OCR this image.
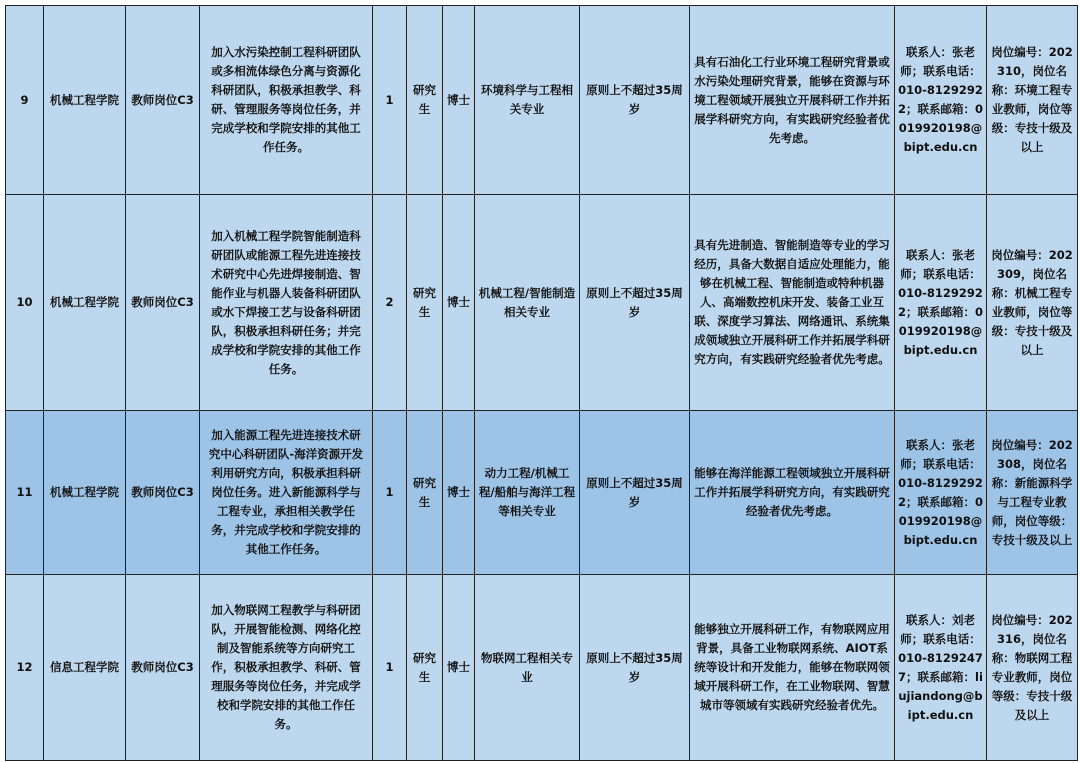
9	机械工程学院	教师岗位C3	加入水污染控制工程科研团队或多相流体绿色分离与资源化科研团队，积极承担教学、科研、管理服务等岗位任务，并完成学校和学院安排的其他工作任务。	1	研究生	博士	环境科学与工程相关专业	原则上不超过35周岁	具有石油化工行业环境工程研究背景或水污染处理研究背景，能够在资源与环境工程领域开展独立开展科研工作并拓展学科研究方向，有实践研究经验者优先考虑。	联系人：张老师；联系电话：010-81292922；联系邮箱：0019920198@bipt.edu.cn	岗位编号：202310，岗位名称：环境工程专业教师，岗位等级：专技十级及以上
10	机械工程学院	教师岗位C3	加入机械工程学院智能制造科研团队或能源工程先进连接技术研究中心先进焊接制造、智能作业与机器人装备科研团队或水下焊接工艺与设备科研团队，积极承担科研任务；并完成学校和学院安排的其他工作任务。	2	研究生	博士	机械工程/智能制造相关专业	原则上不超过35周岁	具有先进制造、智能制造等专业的学习经历，具备大数据自适应处理能力，能够在机械工程、智能制造或特种机器人、高端数控机床开发、装备工业互联、深度学习算法、网络通讯、系统集成领域独立开展科研工作并拓展学科研究方向，有实践研究经验者优先考虑。	联系人：张老师；联系电话：010-81292922；联系邮箱：0019920198@bipt.edu.cn	岗位编号：202309，岗位名称：机械工程专业教师，岗位等级：专技十级及以上
11	机械工程学院	教师岗位C3	加入能源工程先进连接技术研究中心科研团队-海洋资源开发利用研究方向，积极承担科研岗位任务。进入新能源科学与工程专业，承担相关教学任务，并完成学校和学院安排的其他工作任务。	1	研究生	博士	动力工程/机械工程/船舶与海洋工程等相关专业	原则上不超过35周岁	能够在海洋能源工程领域独立开展科研工作并拓展学科研究方向，有实践研究经验者优先考虑。	联系人：张老师；联系电话：010-81292922；联系邮箱：0019920198@bipt.edu.cn	岗位编号：202308，岗位名称：新能源科学与工程专业教师，岗位等级：专技十级及以上
12	信息工程学院	教师岗位C3	加入物联网工程教学与科研团队，开展智能检测、网络化控制及智能系统等方向研究工作，积极承担教学、科研、管理服务等岗位任务，并完成学校和学院安排的其他工作任务。	1	研究生	博士	物联网工程相关专业	原则上不超过35周岁	能够独立开展科研工作，有物联网应用背景，具备工业物联网系统、AIOT系统等设计和开发能力，能够在物联网领域开展科研工作，在工业物联网、智慧城市等领域有实践研究经验者优先。	联系人：刘老师；联系电话：010-81292477；联系邮箱：liujiandong@bipt.edu.cn	岗位编号：202316，岗位名称：物联网工程专业教师，岗位等级：专技十级及以上
